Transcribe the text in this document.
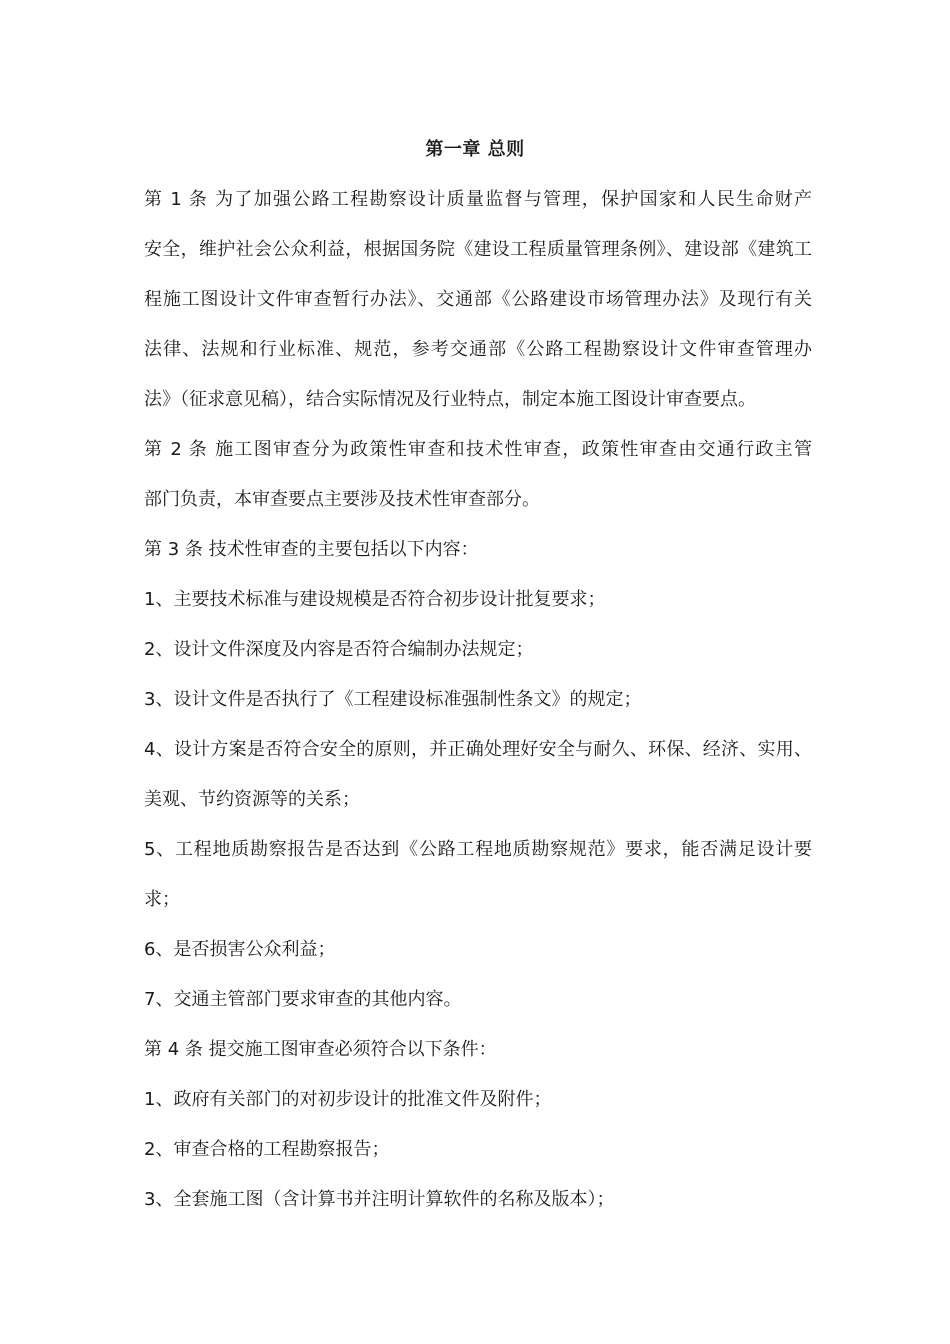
第一章 总则
第 1 条 为了加强公路工程勘察设计质量监督与管理，保护国家和人民生命财产
安全，维护社会公众利益，根据国务院《建设工程质量管理条例》、建设部《建筑工
程施工图设计文件审查暂行办法》、交通部《公路建设市场管理办法》及现行有关
法律、法规和行业标准、规范，参考交通部《公路工程勘察设计文件审查管理办
法》（征求意见稿），结合实际情况及行业特点，制定本施工图设计审查要点。
第 2 条 施工图审查分为政策性审查和技术性审查，政策性审查由交通行政主管
部门负责，本审查要点主要涉及技术性审查部分。
第 3 条 技术性审查的主要包括以下内容：
1、主要技术标准与建设规模是否符合初步设计批复要求；
2、设计文件深度及内容是否符合编制办法规定；
3、设计文件是否执行了《工程建设标准强制性条文》的规定；
4、设计方案是否符合安全的原则，并正确处理好安全与耐久、环保、经济、实用、
美观、节约资源等的关系；
5、工程地质勘察报告是否达到《公路工程地质勘察规范》要求，能否满足设计要
求；
6、是否损害公众利益；
7、交通主管部门要求审查的其他内容。
第 4 条 提交施工图审查必须符合以下条件：
1、政府有关部门的对初步设计的批准文件及附件；
2、审查合格的工程勘察报告；
3、全套施工图（含计算书并注明计算软件的名称及版本）；
